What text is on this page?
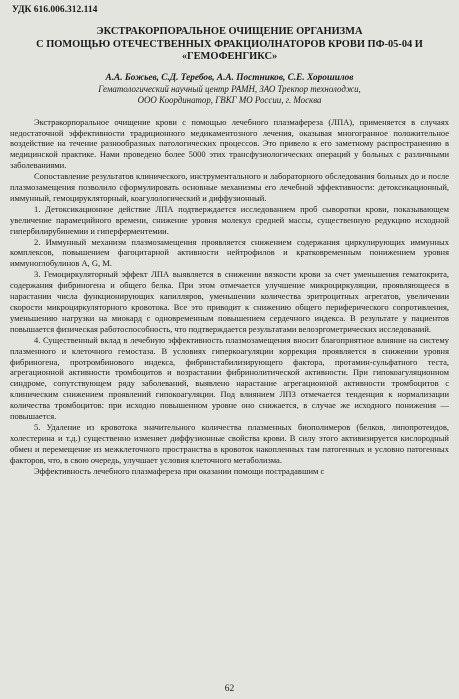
УДК 616.006.312.114
ЭКСТРАКОРПОРАЛЬНОЕ ОЧИЩЕНИЕ ОРГАНИЗМА
С ПОМОЩЬЮ ОТЕЧЕСТВЕННЫХ ФРАКЦИОЛНАТОРОВ КРОВИ ПФ-05-04 И
«ГЕМОФЕНГИКС»
А.А. Божьев, С.Д. Теребов, А.А. Постников, С.Е. Хорошилов
Гематологический научный центр РАМН, ЗАО Трекпор технолоджи,
ООО Координатор, ГВКГ МО России, г. Москва

Экстракорпоральное очищение крови с помощью лечебного плазмафереза (ЛПА), применяется в случаях недостаточной эффективности традиционного медикаментозного лечения, оказывая многогранное положительное воздействие на течение разнообразных патологических процессов. Это привело к его заметному распространению в медицинской практике. Нами проведено более 5000 этих трансфузиологических операций у больных с различными заболеваниями.

Сопоставление результатов клинического, инструментального и лабораторного обследования больных до и после плазмозамещения позволило сформулировать основные механизмы его лечебной эффективности: детоксикационный, иммунный, гемоцирукляторный, коагулологический и диффузионный.

1. Детоксикационное действие ЛПА подтверждается исследованием проб сыворотки крови, показывающем увеличение парамецийного времени, снижение уровня молекул средней массы, существенную редукцию исходной гипербилирубинемии и гиперферментемии.

2. Иммунный механизм плазмозамещения проявляется снижением содержания циркулирующих иммунных комплексов, повышением фагоцитарной активности нейтрофилов и кратковременным понижением уровня иммуноглобулинов A, G, M.

3. Гемоциркуляторный эффект ЛПА выявляется в снижении вязкости крови за счет уменьшения гематокрита, содержания фибриногена и общего белка. При этом отмечается улучшение микроциркуляции, проявляющееся в нарастании числа функционирующих капилляров, уменьшении количества эритроцитных агрегатов, увеличении скорости микроциркуляторного кровотока. Все это приводит к снижению общего периферического сопротивления, уменьшению нагрузки на миокард с одновременным повышением сердечного индекса. В результате у пациентов повышается физическая работоспособность, что подтверждается результатами велоэргометрических исследований.

4. Существенный вклад в лечебную эффективность плазмозамещения вносит благоприятное влияние на систему плазменного и клеточного гемостаза. В условиях гиперкоагуляции коррекция проявляется в снижении уровня фибриногена, протромбинового индекса, фибринстабилизирующего фактора, протамин-сульфатного теста, агрегационной активности тромбоцитов и возрастании фибринолитической активности. При гипокоагуляционном синдроме, сопутствующем ряду заболеваний, выявлено нарастание агрегационной активности тромбоцитов с клиническим снижением проявлений гипокоагуляции. Под влиянием ЛПЗ отмечается тенденция к нормализации количества тромбоцитов: при исходно повышенном уровне оно снижается, в случае же исходного понижения — повышается.

5. Удаление из кровотока значительного количества плазменных биополимеров (белков, липопротеидов, холестерина и т.д.) существенно изменяет диффузионные свойства крови. В силу этого активизируется кислородный обмен и перемещение из межклеточного пространства в кровоток накопленных там патогенных и условно патогенных факторов, что, в свою очередь, улучшает условия клеточного метаболизма.

Эффективность лечебного плазмафереза при оказании помощи пострадавшим с

62
